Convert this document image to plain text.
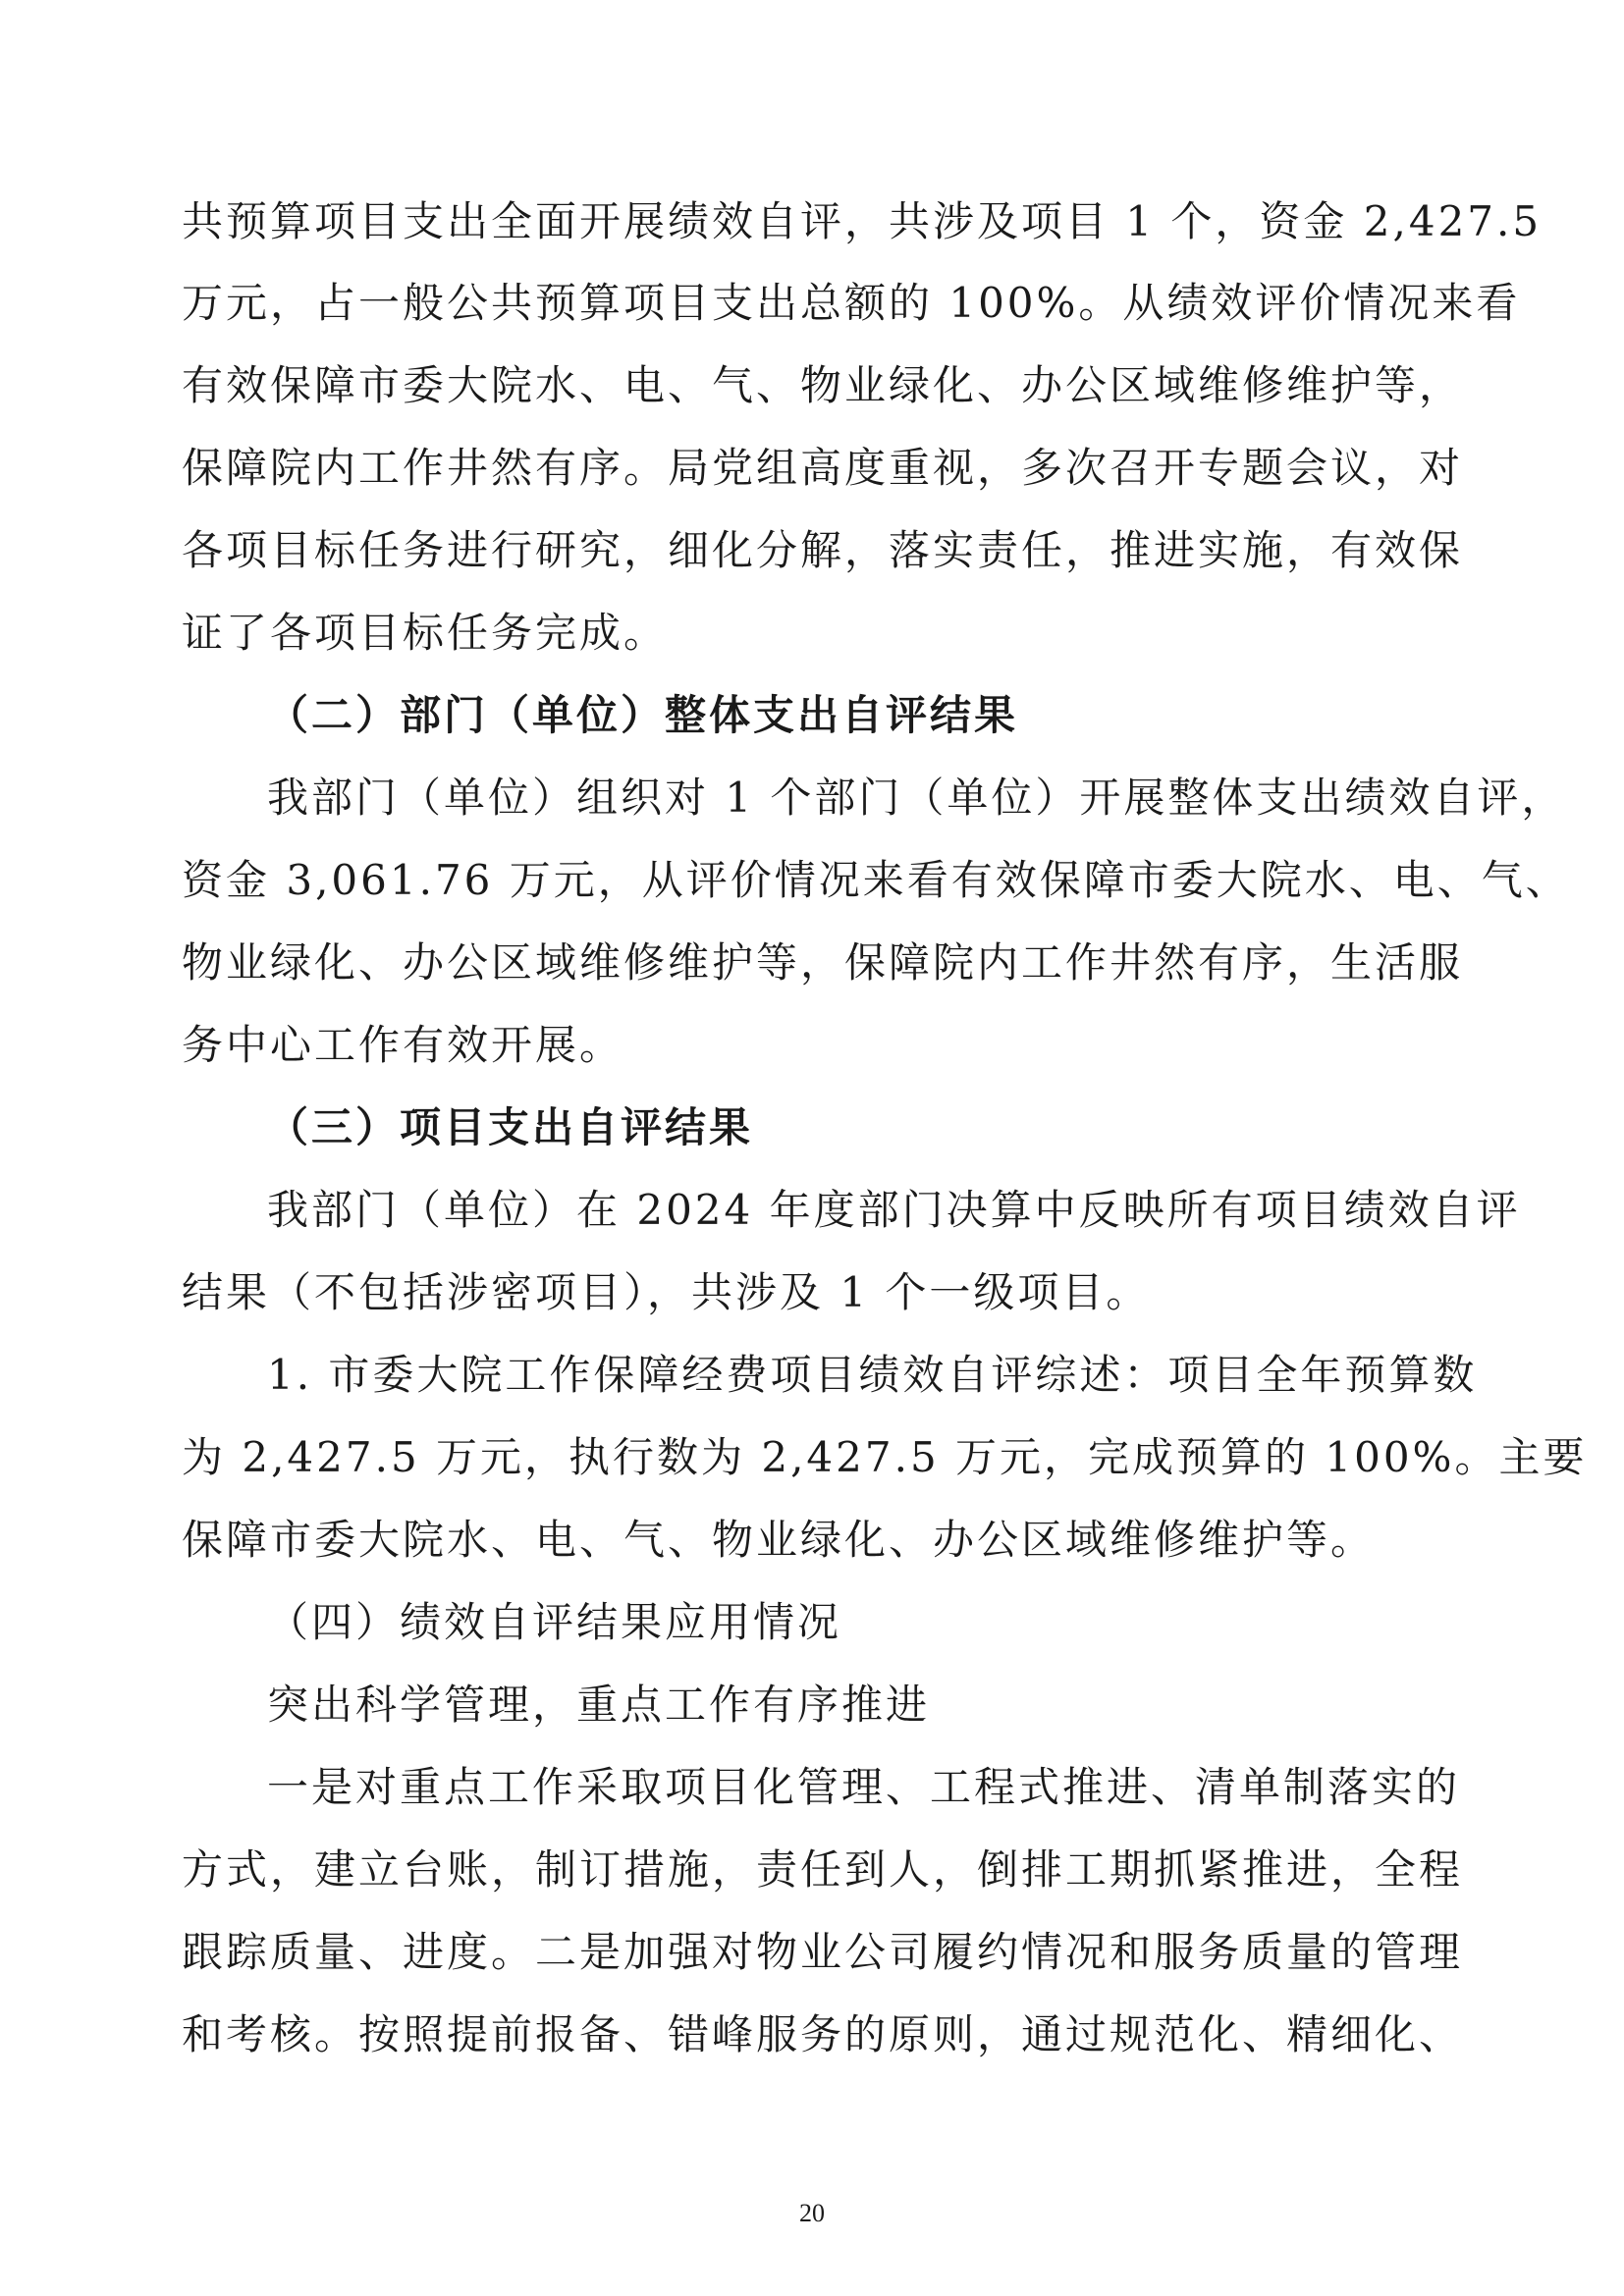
共预算项目支出全面开展绩效自评，共涉及项目 1 个，资金 2,427.5
万元，占一般公共预算项目支出总额的 100%。从绩效评价情况来看
有效保障市委大院水、电、气、物业绿化、办公区域维修维护等，
保障院内工作井然有序。局党组高度重视，多次召开专题会议，对
各项目标任务进行研究，细化分解，落实责任，推进实施，有效保
证了各项目标任务完成。
（二）部门（单位）整体支出自评结果
我部门（单位）组织对 1 个部门（单位）开展整体支出绩效自评，
资金 3,061.76 万元，从评价情况来看有效保障市委大院水、电、气、
物业绿化、办公区域维修维护等，保障院内工作井然有序，生活服
务中心工作有效开展。
（三）项目支出自评结果
我部门（单位）在 2024 年度部门决算中反映所有项目绩效自评
结果（不包括涉密项目），共涉及 1 个一级项目。
1. 市委大院工作保障经费项目绩效自评综述：项目全年预算数
为 2,427.5 万元，执行数为 2,427.5 万元，完成预算的 100%。主要
保障市委大院水、电、气、物业绿化、办公区域维修维护等。
（四）绩效自评结果应用情况
突出科学管理，重点工作有序推进
一是对重点工作采取项目化管理、工程式推进、清单制落实的
方式，建立台账，制订措施，责任到人，倒排工期抓紧推进，全程
跟踪质量、进度。二是加强对物业公司履约情况和服务质量的管理
和考核。按照提前报备、错峰服务的原则，通过规范化、精细化、
20
